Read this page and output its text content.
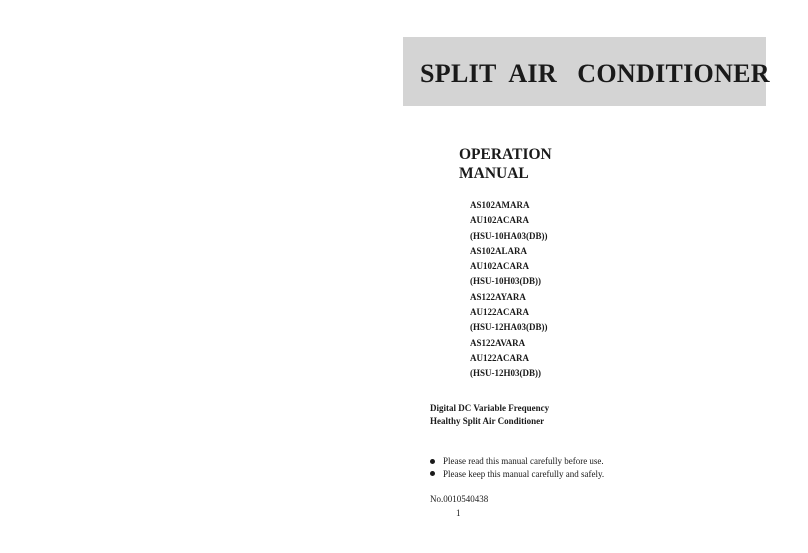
SPLIT  AIR   CONDITIONER
OPERATION
MANUAL
AS102AMARA
AU102ACARA
(HSU-10HA03(DB))
AS102ALARA
AU102ACARA
(HSU-10H03(DB))
AS122AYARA
AU122ACARA
(HSU-12HA03(DB))
AS122AVARA
AU122ACARA
(HSU-12H03(DB))
Digital DC Variable Frequency
Healthy Split Air Conditioner
Please read this manual carefully before use.
Please keep this manual carefully and safely.
No.0010540438
1
